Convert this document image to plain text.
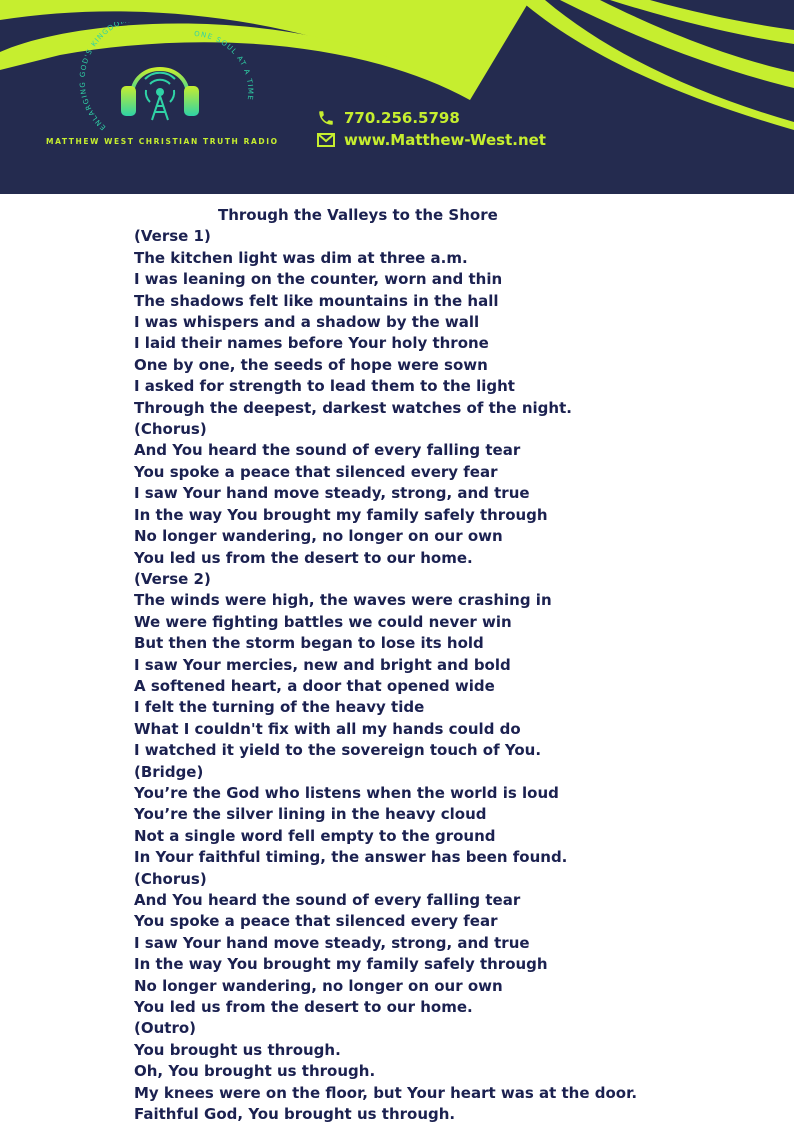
ENLARGING GOD'S KINGDO
ONE SOUL AT A TIME
MATTHEW WEST CHRISTIAN TRUTH RADIO
770.256.5798
www.Matthew-West.net
Through the Valleys to the Shore
(Verse 1)
The kitchen light was dim at three a.m.
I was leaning on the counter, worn and thin
The shadows felt like mountains in the hall
I was whispers and a shadow by the wall
I laid their names before Your holy throne
One by one, the seeds of hope were sown
I asked for strength to lead them to the light
Through the deepest, darkest watches of the night.
(Chorus)
And You heard the sound of every falling tear
You spoke a peace that silenced every fear
I saw Your hand move steady, strong, and true
In the way You brought my family safely through
No longer wandering, no longer on our own
You led us from the desert to our home.
(Verse 2)
The winds were high, the waves were crashing in
We were fighting battles we could never win
But then the storm began to lose its hold
I saw Your mercies, new and bright and bold
A softened heart, a door that opened wide
I felt the turning of the heavy tide
What I couldn't fix with all my hands could do
I watched it yield to the sovereign touch of You.
(Bridge)
You’re the God who listens when the world is loud
You’re the silver lining in the heavy cloud
Not a single word fell empty to the ground
In Your faithful timing, the answer has been found.
(Chorus)
And You heard the sound of every falling tear
You spoke a peace that silenced every fear
I saw Your hand move steady, strong, and true
In the way You brought my family safely through
No longer wandering, no longer on our own
You led us from the desert to our home.
(Outro)
You brought us through.
Oh, You brought us through.
My knees were on the floor, but Your heart was at the door.
Faithful God, You brought us through.
